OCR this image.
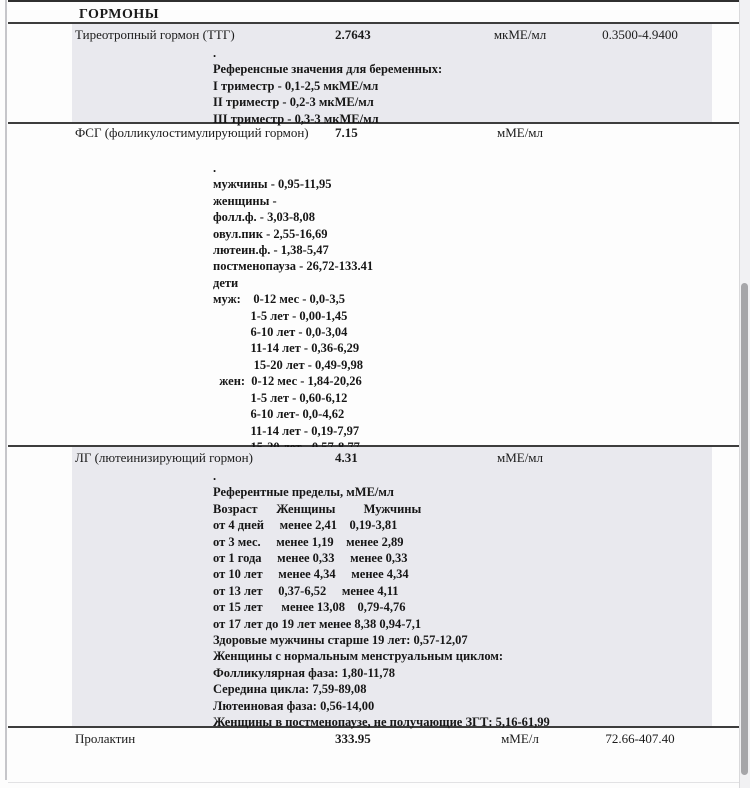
ГОРМОНЫ
Тиреотропный гормон (ТТГ)	2.7643	мкМЕ/мл	0.3500-4.9400
.
Референсные значения для беременных:
I триместр - 0,1-2,5 мкМЕ/мл
II триместр - 0,2-3 мкМЕ/мл
III триместр - 0,3-3 мкМЕ/мл
ФСГ (фолликулостимулирующий гормон)	7.15	мМЕ/мл
.
мужчины - 0,95-11,95
женщины -
фолл.ф. - 3,03-8,08
овул.пик - 2,55-16,69
лютеин.ф. - 1,38-5,47
постменопауза - 26,72-133.41
дети
муж:    0-12 мес - 0,0-3,5
1-5 лет - 0,00-1,45
6-10 лет - 0,0-3,04
11-14 лет - 0,36-6,29
15-20 лет - 0,49-9,98
жен:  0-12 мес - 1,84-20,26
1-5 лет - 0,60-6,12
6-10 лет- 0,0-4,62
11-14 лет - 0,19-7,97
ЛГ (лютеинизирующий гормон)	4.31	мМЕ/мл
.
Референтные пределы, мМЕ/мл
Возраст      Женщины         Мужчины
от 4 дней     менее 2,41    0,19-3,81
от 3 мес.     менее 1,19    менее 2,89
от 1 года     менее 0,33     менее 0,33
от 10 лет     менее 4,34     менее 4,34
от 13 лет     0,37-6,52     менее 4,11
от 15 лет      менее 13,08    0,79-4,76
от 17 лет до 19 лет менее 8,38 0,94-7,1
Здоровые мужчины старше 19 лет: 0,57-12,07
Женщины с нормальным менструальным циклом:
Фолликулярная фаза: 1,80-11,78
Середина цикла: 7,59-89,08
Лютеиновая фаза: 0,56-14,00
Женщины в постменопаузе, не получающие ЗГТ: 5,16-61,99
Пролактин	333.95	мМЕ/л	72.66-407.40
